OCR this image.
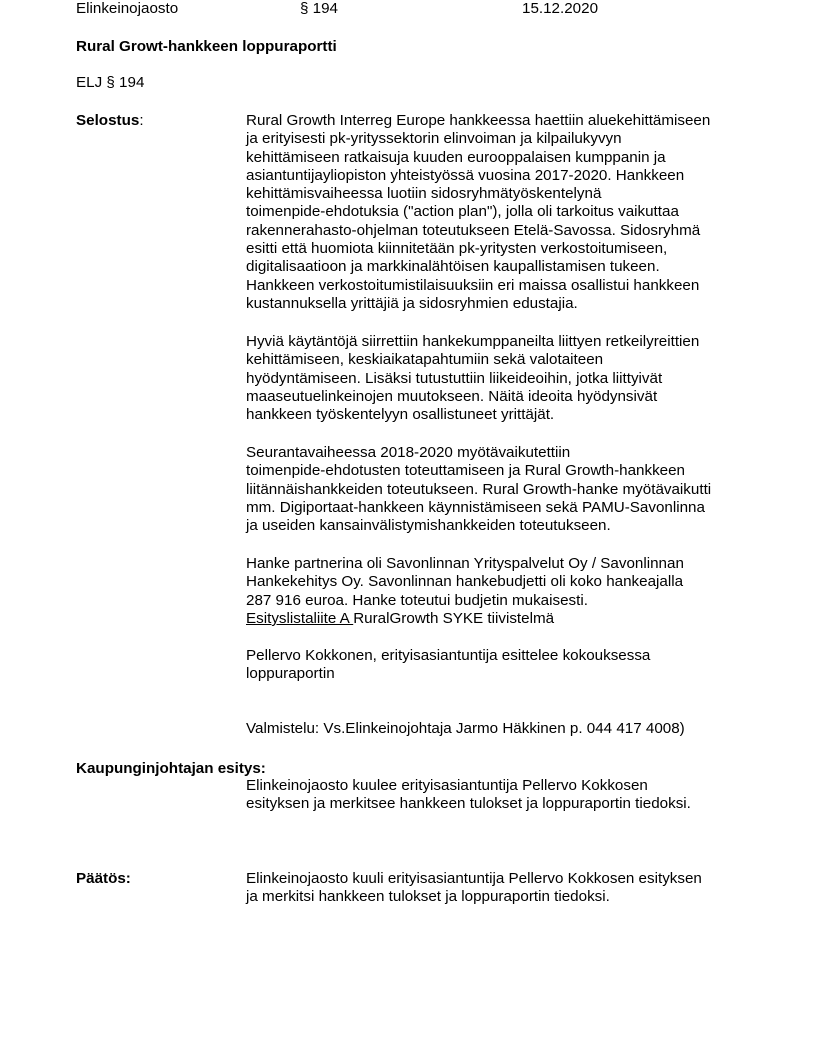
Elinkeinojaosto	§ 194	15.12.2020
Rural Growt-hankkeen loppuraportti
ELJ § 194
Selostus:	Rural Growth Interreg Europe hankkeessa haettiin aluekehittämiseen
ja erityisesti pk-yrityssektorin elinvoiman ja kilpailukyvyn
kehittämiseen ratkaisuja kuuden eurooppalaisen kumppanin ja
asiantuntijayliopiston yhteistyössä vuosina 2017-2020. Hankkeen
kehittämisvaiheessa luotiin sidosryhmätyöskentelynä
toimenpide-ehdotuksia ("action plan"), jolla oli tarkoitus vaikuttaa
rakennerahasto-ohjelman toteutukseen Etelä-Savossa. Sidosryhmä
esitti että huomiota kiinnitetään pk-yritysten verkostoitumiseen,
digitalisaatioon ja markkinalähtöisen kaupallistamisen tukeen.
Hankkeen verkostoitumistilaisuuksiin eri maissa osallistui hankkeen
kustannuksella yrittäjiä ja sidosryhmien edustajia.

Hyviä käytäntöjä siirrettiin hankekumppaneilta liittyen retkeilyreittien
kehittämiseen, keskiaikatapahtumiin sekä valotaiteen
hyödyntämiseen. Lisäksi tutustuttiin liikeideoihin, jotka liittyivät
maaseutuelinkeinojen muutokseen. Näitä ideoita hyödynsivät
hankkeen työskentelyyn osallistuneet yrittäjät.

Seurantavaiheessa 2018-2020 myötävaikutettiin
toimenpide-ehdotusten toteuttamiseen ja Rural Growth-hankkeen
liitännäishankkeiden toteutukseen. Rural Growth-hanke myötävaikutti
mm. Digiportaat-hankkeen käynnistämiseen sekä PAMU-Savonlinna
ja useiden kansainvälistymishankkeiden toteutukseen.

Hanke partnerina oli Savonlinnan Yrityspalvelut Oy / Savonlinnan
Hankekehitys Oy. Savonlinnan hankebudjetti oli koko hankeajalla
287 916 euroa. Hanke toteutui budjetin mukaisesti.

Esityslistaliite A RuralGrowth SYKE tiivistelmä

Pellervo Kokkonen, erityisasiantuntija esittelee kokouksessa
loppuraportin

Valmistelu: Vs.Elinkeinojohtaja Jarmo Häkkinen p. 044 417 4008)

Kaupunginjohtajan esitys:

Elinkeinojaosto kuulee erityisasiantuntija Pellervo Kokkosen
esityksen ja merkitsee hankkeen tulokset ja loppuraportin tiedoksi.

Päätös:	Elinkeinojaosto kuuli erityisasiantuntija Pellervo Kokkosen esityksen
ja merkitsi hankkeen tulokset ja loppuraportin tiedoksi.
